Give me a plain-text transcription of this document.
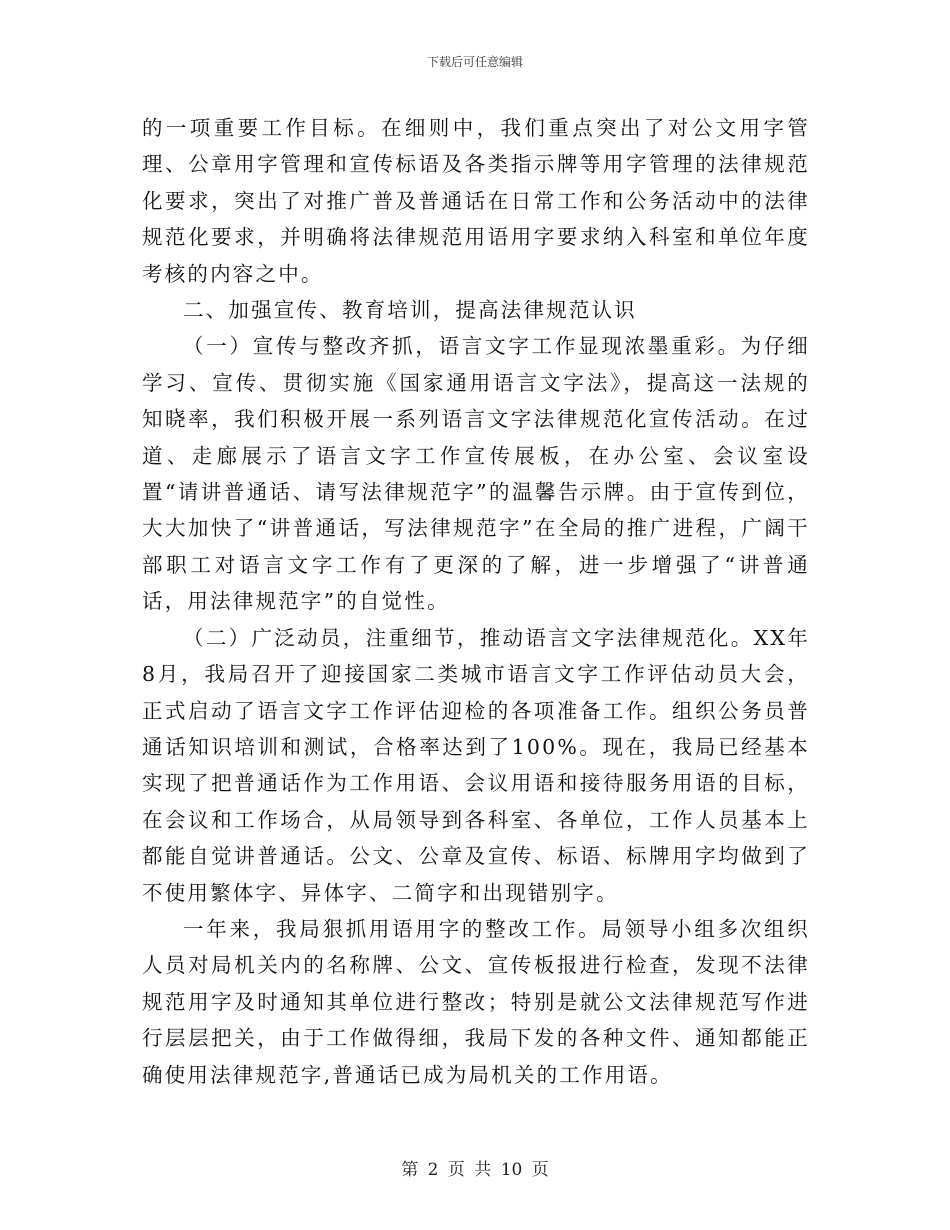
下载后可任意编辑

的一项重要工作目标。在细则中，我们重点突出了对公文用字管理、公章用字管理和宣传标语及各类指示牌等用字管理的法律规范化要求，突出了对推广普及普通话在日常工作和公务活动中的法律规范化要求，并明确将法律规范用语用字要求纳入科室和单位年度考核的内容之中。

二、加强宣传、教育培训，提高法律规范认识

（一）宣传与整改齐抓，语言文字工作显现浓墨重彩。为仔细学习、宣传、贯彻实施《国家通用语言文字法》，提高这一法规的知晓率，我们积极开展一系列语言文字法律规范化宣传活动。在过道、走廊展示了语言文字工作宣传展板，在办公室、会议室设置“请讲普通话、请写法律规范字”的温馨告示牌。由于宣传到位，大大加快了“讲普通话，写法律规范字”在全局的推广进程，广阔干部职工对语言文字工作有了更深的了解，进一步增强了“讲普通话，用法律规范字”的自觉性。

（二）广泛动员，注重细节，推动语言文字法律规范化。XX年8月，我局召开了迎接国家二类城市语言文字工作评估动员大会，正式启动了语言文字工作评估迎检的各项准备工作。组织公务员普通话知识培训和测试，合格率达到了100%。现在，我局已经基本实现了把普通话作为工作用语、会议用语和接待服务用语的目标，在会议和工作场合，从局领导到各科室、各单位，工作人员基本上都能自觉讲普通话。公文、公章及宣传、标语、标牌用字均做到了不使用繁体字、异体字、二简字和出现错别字。

一年来，我局狠抓用语用字的整改工作。局领导小组多次组织人员对局机关内的名称牌、公文、宣传板报进行检查，发现不法律规范用字及时通知其单位进行整改；特别是就公文法律规范写作进行层层把关，由于工作做得细，我局下发的各种文件、通知都能正确使用法律规范字,普通话已成为局机关的工作用语。

第 2 页 共 10 页
